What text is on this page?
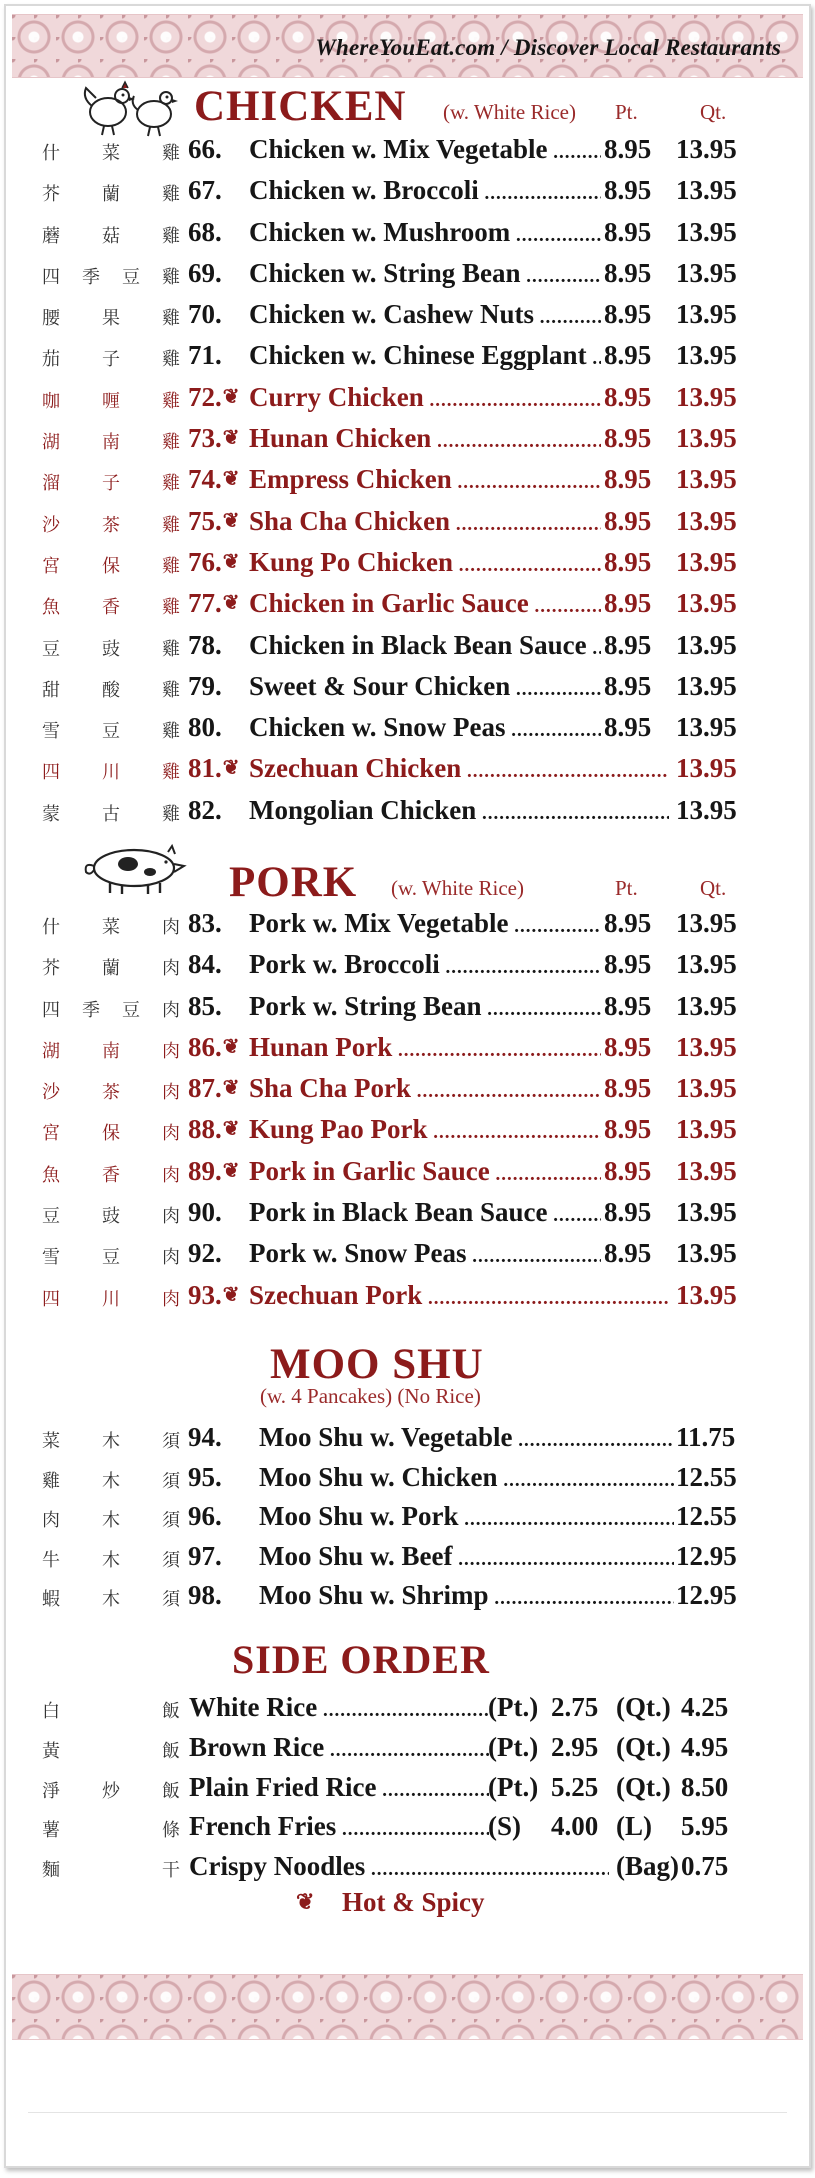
WhereYouEat.com / Discover Local Restaurants
CHICKEN (w. White Rice) Pt.	Qt.
什 菜 雞 66. Chicken w. Mix Vegetable .....	8.95 13.95
芥 蘭 雞 67. Chicken w. Broccoli .....	8.95 13.95
蘑 菇 雞 68. Chicken w. Mushroom .....	8.95 13.95
四 季 豆 雞 69. Chicken w. String Bean .....	8.95 13.95
腰 果 雞 70. Chicken w. Cashew Nuts .....	8.95 13.95
茄 子 雞 71. Chicken w. Chinese Eggplant ..... 8.95 13.95
咖 喱 雞 72.❦ Curry Chicken .....	8.95 13.95
湖 南 雞 73.❦ Hunan Chicken .....	8.95 13.95
溜 子 雞 74.❦ Empress Chicken .....	8.95 13.95
沙 茶 雞 75.❦ Sha Cha Chicken .....	8.95 13.95
宮 保 雞 76.❦ Kung Po Chicken .....	8.95 13.95
魚 香 雞 77.❦ Chicken in Garlic Sauce .....	8.95 13.95
豆 豉 雞 78. Chicken in Black Bean Sauce ..... 8.95 13.95
甜 酸 雞 79. Sweet & Sour Chicken .....	8.95 13.95
雪 豆 雞 80. Chicken w. Snow Peas .....	8.95 13.95
四 川 雞 81.❦ Szechuan Chicken .....	13.95
蒙 古 雞 82. Mongolian Chicken .....	13.95
PORK (w. White Rice)	Pt.	Qt.
什 菜 肉 83. Pork w. Mix Vegetable .....	8.95 13.95
芥 蘭 肉 84. Pork w. Broccoli .....	8.95 13.95
四 季 豆 肉 85. Pork w. String Bean .....	8.95 13.95
湖 南 肉 86.❦ Hunan Pork .....	8.95 13.95
沙 茶 肉 87.❦ Sha Cha Pork .....	8.95 13.95
宮 保 肉 88.❦ Kung Pao Pork .....	8.95 13.95
魚 香 肉 89.❦ Pork in Garlic Sauce .....	8.95 13.95
豆 豉 肉 90. Pork in Black Bean Sauce .....	8.95 13.95
雪 豆 肉 92. Pork w. Snow Peas .....	8.95 13.95
四 川 肉 93.❦ Szechuan Pork .....	13.95
MOO SHU
(w. 4 Pancakes) (No Rice)
菜 木 須 94. Moo Shu w. Vegetable .....	11.75
雞 木 須 95. Moo Shu w. Chicken .....	12.55
肉 木 須 96. Moo Shu w. Pork .....	12.55
牛 木 須 97. Moo Shu w. Beef .....	12.95
蝦 木 須 98. Moo Shu w. Shrimp .....	12.95
SIDE ORDER
白	飯 White Rice .....	(Pt.) 2.75 (Qt.) 4.25
黃	飯 Brown Rice .....	(Pt.) 2.95 (Qt.) 4.95
淨 炒 飯 Plain Fried Rice .....	(Pt.) 5.25 (Qt.) 8.50
薯	條 French Fries .....	(S) 4.00 (L) 5.95
麵	干 Crispy Noodles .....	(Bag) 0.75
❦ Hot & Spicy
